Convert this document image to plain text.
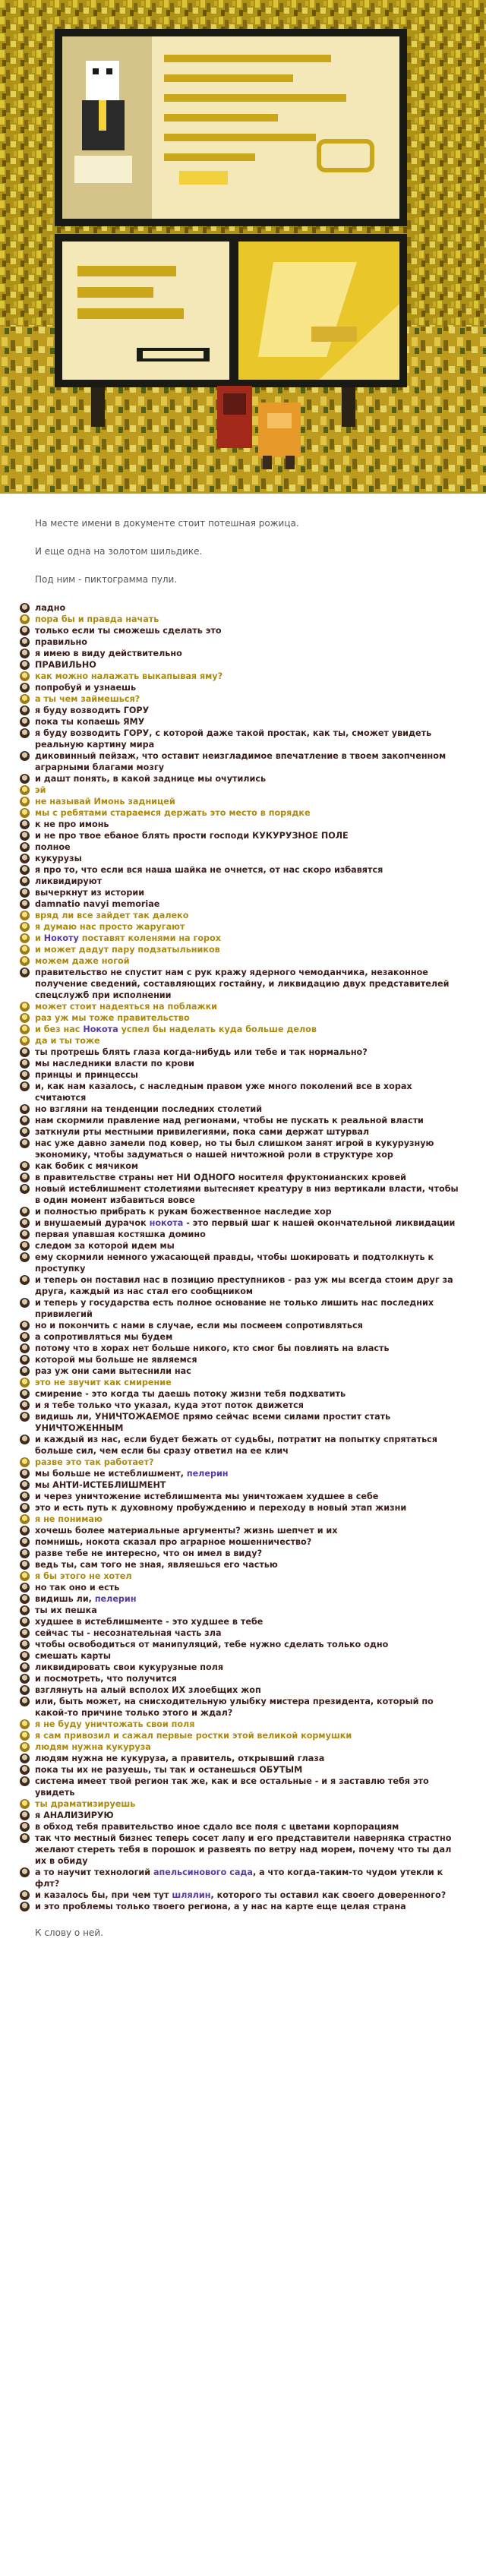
На месте имени в документе стоит потешная рожица.

И еще одна на золотом шильдике.

Под ним - пиктограмма пули.

ладно
пора бы и правда начать
только если ты сможешь сделать это
правильно
я имею в виду действительно
ПРАВИЛЬНО
как можно налажать выкапывая яму?
попробуй и узнаешь
а ты чем займешься?
я буду возводить ГОРУ
пока ты копаешь ЯМУ
я буду возводить ГОРУ, с которой даже такой простак, как ты, сможет увидеть реальную картину мира
диковинный пейзаж, что оставит неизгладимое впечатление в твоем закопченном аграрными благами мозгу
и дашт понять, в какой заднице мы очутились
эй
не называй Имонь задницей
мы с ребятами стараемся держать это место в порядке
к не про имонь
и не про твое ебаное блять прости господи КУКУРУЗНОЕ ПОЛЕ
полное
кукурузы
я про то, что если вся наша шайка не очнется, от нас скоро избавятся
ликвидируют
вычеркнут из истории
damnatio navyi memoriae
вряд ли все зайдет так далеко
я думаю нас просто жаругают
и Нокоту поставят коленями на горох
и может дадут пару подзатыльников
можем даже ногой
правительство не спустит нам с рук кражу ядерного чемоданчика, незаконное получение сведений, составляющих гостайну, и ликвидацию двух представителей спецслужб при исполнении
может стоит надеяться на поблажки
раз уж мы тоже правительство
и без нас Нокота успел бы наделать куда больше делов
да и ты тоже
ты протрешь блять глаза когда-нибудь или тебе и так нормально?
мы наследники власти по крови
принцы и принцессы
и, как нам казалось, с наследным правом уже много поколений все в хорах считаются
но взгляни на тенденции последних столетий
нам скормили правление над регионами, чтобы не пускать к реальной власти
заткнули рты местными привилегиями, пока сами держат штурвал
нас уже давно замели под ковер, но ты был слишком занят игрой в кукурузную экономику, чтобы задуматься о нашей ничтожной роли в структуре хор
как бобик с мячиком
в правительстве страны нет НИ ОДНОГО носителя фруктонианских кровей
новый истеблишмент столетиями вытесняет креатуру в низ вертикали власти, чтобы в один момент избавиться вовсе
и полностью прибрать к рукам божественное наследие хор
и внушаемый дурачок нокота - это первый шаг к нашей окончательной ликвидации
первая упавшая костяшка домино
следом за которой идем мы
ему скормили немного ужасающей правды, чтобы шокировать и подтолкнуть к проступку
и теперь он поставил нас в позицию преступников - раз уж мы всегда стоим друг за друга, каждый из нас стал его сообщником
и теперь у государства есть полное основание не только лишить нас последних привилегий
но и покончить с нами в случае, если мы посмеем сопротивляться
а сопротивляться мы будем
потому что в хорах нет больше никого, кто смог бы повлиять на власть
которой мы больше не являемся
раз уж они сами вытеснили нас
это не звучит как смирение
смирение - это когда ты даешь потоку жизни тебя подхватить
и я тебе только что указал, куда этот поток движется
видишь ли, УНИЧТОЖАЕМОЕ прямо сейчас всеми силами простит стать УНИЧТОЖЕННЫМ
и каждый из нас, если будет бежать от судьбы, потратит на попытку спрятаться больше сил, чем если бы сразу ответил на ее клич
разве это так работает?
мы больше не истеблишмент, пелерин
мы АНТИ-ИСТЕБЛИШМЕНТ
и через уничтожение истеблишмента мы уничтожаем худшее в себе
это и есть путь к духовному пробуждению и переходу в новый этап жизни
я не понимаю
хочешь более материальные аргументы? жизнь шепчет и их
помнишь, нокота сказал про аграрное мошенничество?
разве тебе не интересно, что он имел в виду?
ведь ты, сам того не зная, являешься его частью
я бы этого не хотел
но так оно и есть
видишь ли, пелерин
ты их пешка
худшее в истеблишменте - это худшее в тебе
сейчас ты - несознательная часть зла
чтобы освободиться от манипуляций, тебе нужно сделать только одно
смешать карты
ликвидировать свои кукурузные поля
и посмотреть, что получится
взглянуть на алый всполох ИХ злоебщих жоп
или, быть может, на снисходительную улыбку мистера президента, который по какой-то причине только этого и ждал?
я не буду уничтожать свои поля
я сам привозил и сажал первые ростки этой великой кормушки
людям нужна кукуруза
людям нужна не кукуруза, а правитель, открывший глаза
пока ты их не разуешь, ты так и останешься ОБУТЫМ
система имеет твой регион так же, как и все остальные - и я заставлю тебя это увидеть
ты драматизируешь
я АНАЛИЗИРУЮ
в обход тебя правительство иное сдало все поля с цветами корпорациям
так что местный бизнес теперь сосет лапу и его представители наверняка страстно желают стереть тебя в порошок и развеять по ветру над морем, почему что ты дал их в обиду
а то научит технологий апельсинового сада, а что когда-таким-то чудом утекли к флт?
и казалось бы, при чем тут шлялин, которого ты оставил как своего доверенного?
и это проблемы только твоего региона, а у нас на карте еще целая страна

К слову о ней.
